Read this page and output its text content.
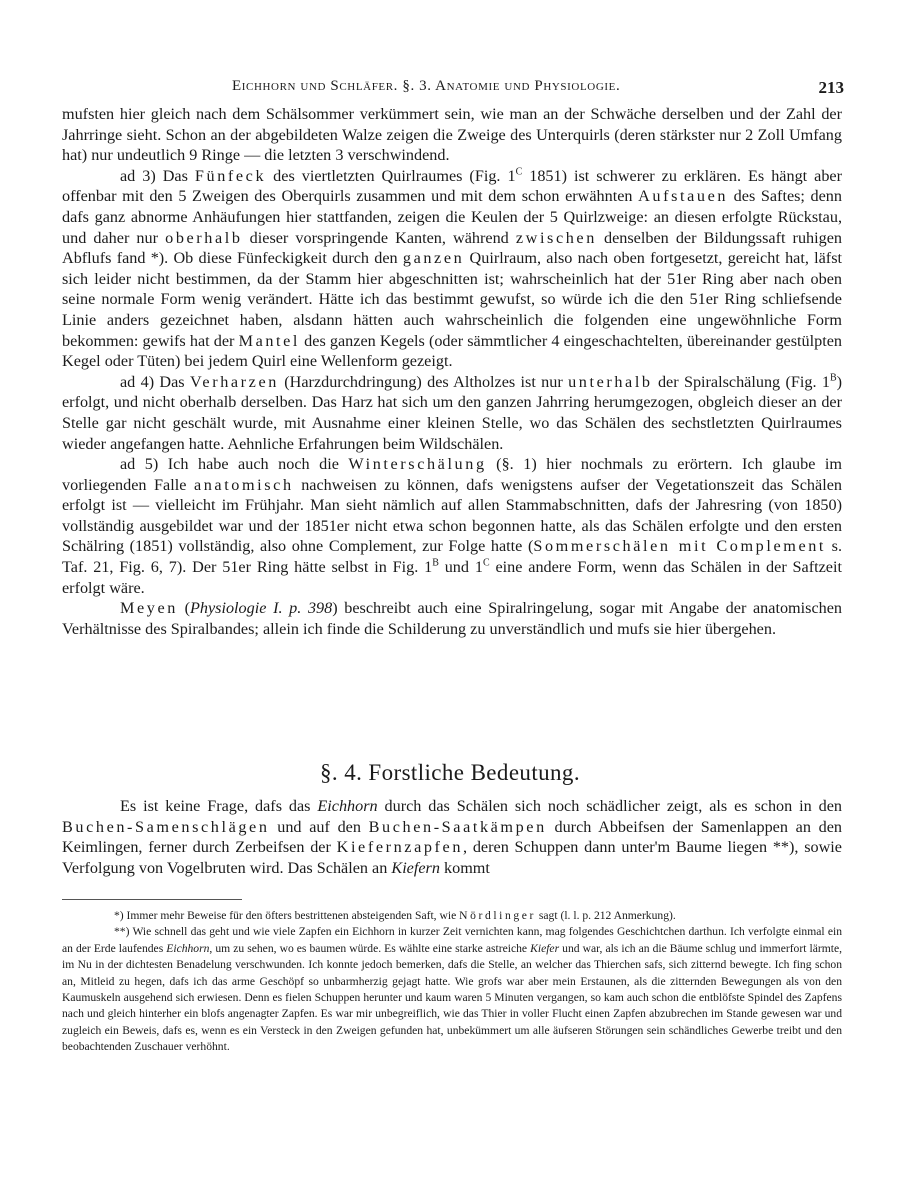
Eichhorn und Schläfer. §. 3. Anatomie und Physiologie.	213

mufsten hier gleich nach dem Schälsommer verkümmert sein, wie man an der Schwäche derselben und der Zahl der Jahrringe sieht. Schon an der abgebildeten Walze zeigen die Zweige des Unterquirls (deren stärkster nur 2 Zoll Umfang hat) nur undeutlich 9 Ringe — die letzten 3 verschwindend.

ad 3) Das Fünfeck des viertletzten Quirlraumes (Fig. $1^C$ 1851) ist schwerer zu erklären. Es hängt aber offenbar mit den 5 Zweigen des Oberquirls zusammen und mit dem schon erwähnten Aufstauen des Saftes; denn dafs ganz abnorme Anhäufungen hier stattfanden, zeigen die Keulen der 5 Quirlzweige: an diesen erfolgte Rückstau, und daher nur oberhalb dieser vorspringende Kanten, während zwischen denselben der Bildungssaft ruhigen Abflufs fand *). Ob diese Fünfeckigkeit durch den ganzen Quirlraum, also nach oben fortgesetzt, gereicht hat, läfst sich leider nicht bestimmen, da der Stamm hier abgeschnitten ist; wahrscheinlich hat der 51er Ring aber nach oben seine normale Form wenig verändert. Hätte ich das bestimmt gewufst, so würde ich die den 51er Ring schliefsende Linie anders gezeichnet haben, alsdann hätten auch wahrscheinlich die folgenden eine ungewöhnliche Form bekommen: gewifs hat der Mantel des ganzen Kegels (oder sämmtlicher 4 eingeschachtelten, übereinander gestülpten Kegel oder Tüten) bei jedem Quirl eine Wellenform gezeigt.

ad 4) Das Verharzen (Harzdurchdringung) des Altholzes ist nur unterhalb der Spiralschälung (Fig. $1^B$) erfolgt, und nicht oberhalb derselben. Das Harz hat sich um den ganzen Jahrring herumgezogen, obgleich dieser an der Stelle gar nicht geschält wurde, mit Ausnahme einer kleinen Stelle, wo das Schälen des sechstletzten Quirlraumes wieder angefangen hatte. Aehnliche Erfahrungen beim Wildschälen.

ad 5) Ich habe auch noch die Winterschälung (§. 1) hier nochmals zu erörtern. Ich glaube im vorliegenden Falle anatomisch nachweisen zu können, dafs wenigstens aufser der Vegetationszeit das Schälen erfolgt ist — vielleicht im Frühjahr. Man sieht nämlich auf allen Stammabschnitten, dafs der Jahresring (von 1850) vollständig ausgebildet war und der 1851er nicht etwa schon begonnen hatte, als das Schälen erfolgte und den ersten Schälring (1851) vollständig, also ohne Complement, zur Folge hatte (Sommerschälen mit Complement s. Taf. 21, Fig. 6, 7). Der 51er Ring hätte selbst in Fig. $1^B$ und $1^C$ eine andere Form, wenn das Schälen in der Saftzeit erfolgt wäre.

Meyen (Physiologie I. p. 398) beschreibt auch eine Spiralringelung, sogar mit Angabe der anatomischen Verhältnisse des Spiralbandes; allein ich finde die Schilderung zu unverständlich und mufs sie hier übergehen.

§. 4. Forstliche Bedeutung.

Es ist keine Frage, dafs das Eichhorn durch das Schälen sich noch schädlicher zeigt, als es schon in den Buchen-Samenschlägen und auf den Buchen-Saatkämpen durch Abbeifsen der Samenlappen an den Keimlingen, ferner durch Zerbeifsen der Kiefernzapfen, deren Schuppen dann unter'm Baume liegen **), sowie Verfolgung von Vogelbruten wird. Das Schälen an Kiefern kommt

*) Immer mehr Beweise für den öfters bestrittenen absteigenden Saft, wie Nördlinger sagt (l. l. p. 212 Anmerkung).

**) Wie schnell das geht und wie viele Zapfen ein Eichhorn in kurzer Zeit vernichten kann, mag folgendes Geschichtchen darthun. Ich verfolgte einmal ein an der Erde laufendes Eichhorn, um zu sehen, wo es baumen würde. Es wählte eine starke astreiche Kiefer und war, als ich an die Bäume schlug und immerfort lärmte, im Nu in der dichtesten Benadelung verschwunden. Ich konnte jedoch bemerken, dafs die Stelle, an welcher das Thierchen safs, sich zitternd bewegte. Ich fing schon an, Mitleid zu hegen, dafs ich das arme Geschöpf so unbarmherzig gejagt hatte. Wie grofs war aber mein Erstaunen, als die zitternden Bewegungen als von den Kaumuskeln ausgehend sich erwiesen. Denn es fielen Schuppen herunter und kaum waren 5 Minuten vergangen, so kam auch schon die entblöfste Spindel des Zapfens nach und gleich hinterher ein blofs angenagter Zapfen. Es war mir unbegreiflich, wie das Thier in voller Flucht einen Zapfen abzubrechen im Stande gewesen war und zugleich ein Beweis, dafs es, wenn es ein Versteck in den Zweigen gefunden hat, unbekümmert um alle äufseren Störungen sein schändliches Gewerbe treibt und den beobachtenden Zuschauer verhöhnt.
